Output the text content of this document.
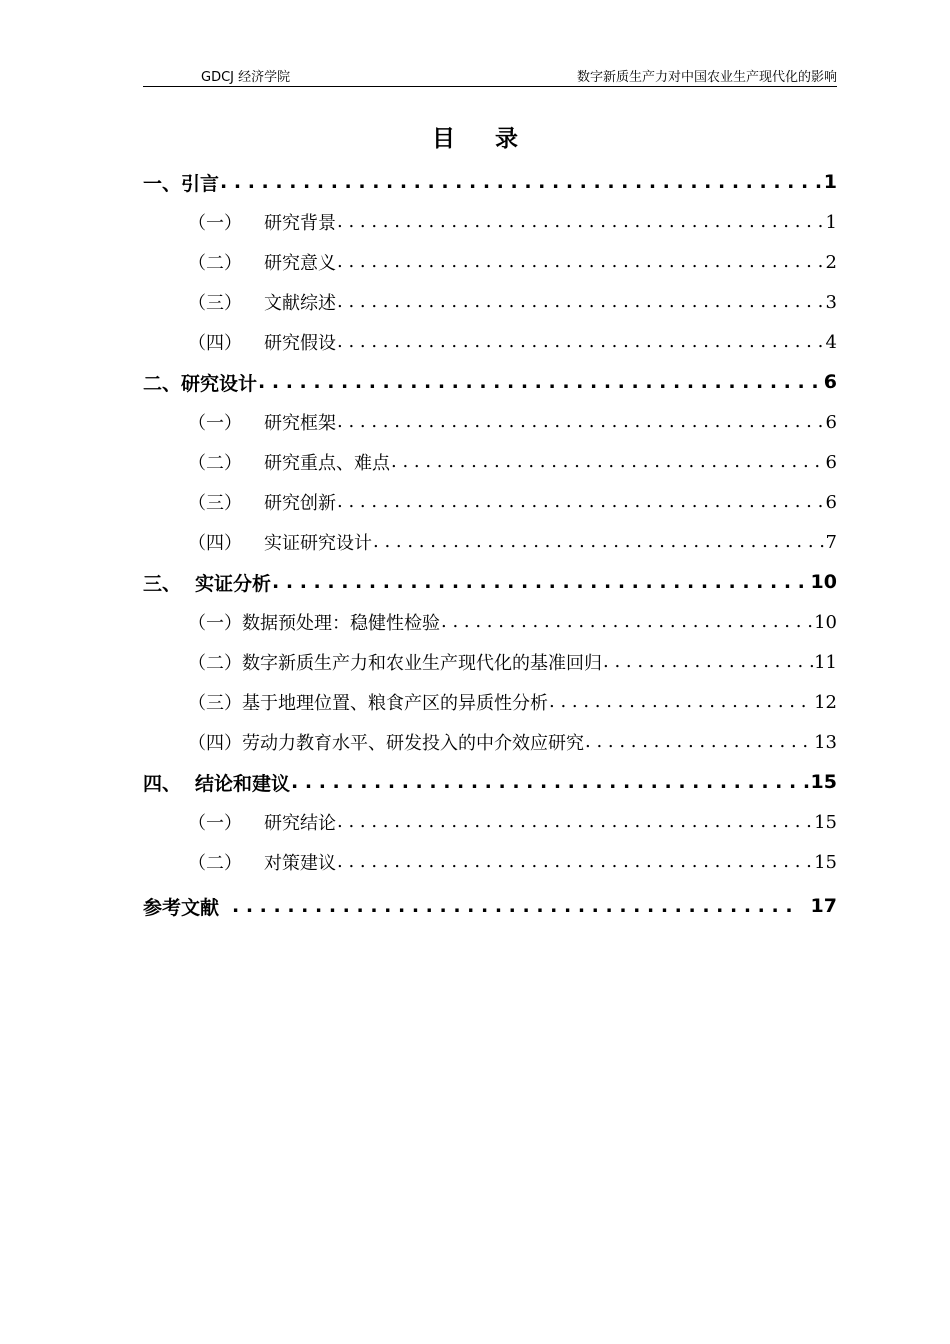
GDCJ 经济学院	数字新质生产力对中国农业生产现代化的影响
目录
一、引言 . . .	1
（一） 研究背景 . . .	1
（二） 研究意义 . . .	2
（三） 文献综述 . . .	3
（四） 研究假设 . . .	4
二、研究设计 . . .	6
（一） 研究框架 . . .	6
（二） 研究重点、难点 . . .	6
（三） 研究创新 . . .	6
（四） 实证研究设计 . . .	7
三、 实证分析 . . .	10
（一）数据预处理：稳健性检验 . . .	10
（二）数字新质生产力和农业生产现代化的基准回归 . . .	11
（三）基于地理位置、粮食产区的异质性分析 . . .	12
（四）劳动力教育水平、研发投入的中介效应研究 . . .	13
四、 结论和建议 . . .	15
（一） 研究结论 . . .	15
（二） 对策建议 . . .	15
参考文献 . . .	17
